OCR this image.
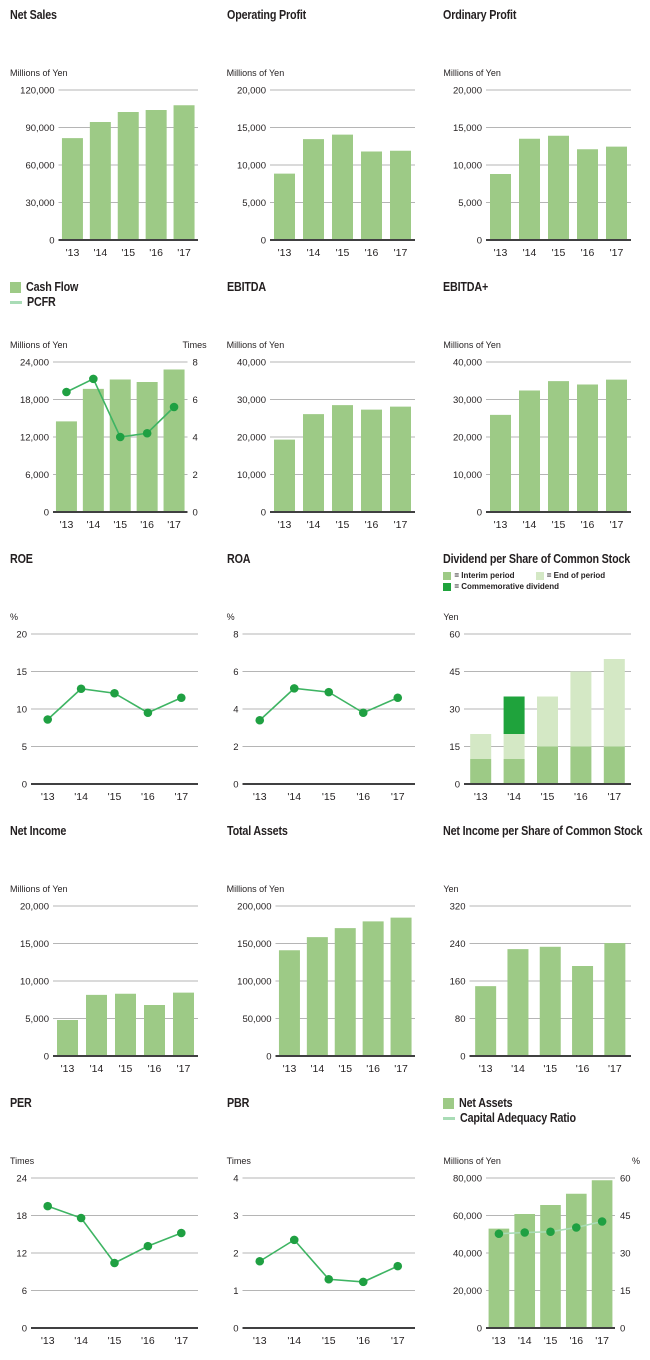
Net Sales
Millions of Yen
0
30,000
60,000
90,000
120,000
'13 '14 '15 '16 '17
Operating Profit
Millions of Yen
0
5,000
10,000
15,000
20,000
'13 '14 '15 '16 '17
Ordinary Profit
Millions of Yen
0
5,000
10,000
15,000
20,000
'13 '14 '15 '16 '17
Cash Flow
PCFR
Millions of Yen	Times
0
6,000
12,000
18,000
24,000
0
2
4
6
8
'13 '14 '15 '16 '17
EBITDA
Millions of Yen
0
10,000
20,000
30,000
40,000
'13 '14 '15 '16 '17
EBITDA+
Millions of Yen
0
10,000
20,000
30,000
40,000
'13 '14 '15 '16 '17
ROE
%
0
5
10
15
20
'13 '14 '15 '16 '17
ROA
%
0
2
4
6
8
'13 '14 '15 '16 '17
Dividend per Share of Common Stock
= Interim period	= End of period
= Commemorative dividend
Yen
0
15
30
45
60
'13 '14 '15 '16 '17
Net Income
Millions of Yen
0
5,000
10,000
15,000
20,000
'13 '14 '15 '16 '17
Total Assets
Millions of Yen
0
50,000
100,000
150,000
200,000
'13 '14 '15 '16 '17
Net Income per Share of Common Stock
Yen
0
80
160
240
320
'13 '14 '15 '16 '17
PER
Times
0
6
12
18
24
'13 '14 '15 '16 '17
PBR
Times
0
1
2
3
4
'13 '14 '15 '16 '17
Net Assets
Capital Adequacy Ratio
Millions of Yen	%
0
20,000
40,000
60,000
80,000
0
15
30
45
60
'13 '14 '15 '16 '17
